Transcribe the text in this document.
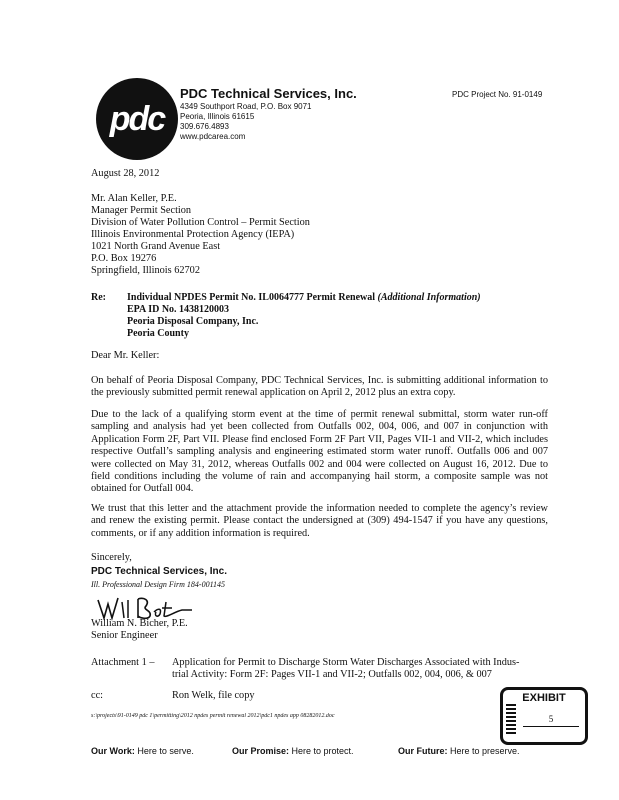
pdc
PDC Technical Services, Inc.
4349 Southport Road, P.O. Box 9071
Peoria, Illinois 61615
309.676.4893
www.pdcarea.com
PDC Project No. 91-0149
August 28, 2012
Mr. Alan Keller, P.E.
Manager Permit Section
Division of Water Pollution Control – Permit Section
Illinois Environmental Protection Agency (IEPA)
1021 North Grand Avenue East
P.O. Box 19276
Springfield, Illinois 62702
Re: Individual NPDES Permit No. IL0064777 Permit Renewal (Additional Information)
EPA ID No. 1438120003
Peoria Disposal Company, Inc.
Peoria County
Dear Mr. Keller:
On behalf of Peoria Disposal Company, PDC Technical Services, Inc. is submitting additional information to the previously submitted permit renewal application on April 2, 2012 plus an extra copy.
Due to the lack of a qualifying storm event at the time of permit renewal submittal, storm water run-off sampling and analysis had yet been collected from Outfalls 002, 004, 006, and 007 in conjunction with Application Form 2F, Part VII. Please find enclosed Form 2F Part VII, Pages VII-1 and VII-2, which includes respective Outfall’s sampling analysis and engineering estimated storm water runoff. Outfalls 006 and 007 were collected on May 31, 2012, whereas Outfalls 002 and 004 were collected on August 16, 2012. Due to field conditions including the volume of rain and accompanying hail storm, a composite sample was not obtained for Outfall 004.
We trust that this letter and the attachment provide the information needed to complete the agency’s review and renew the existing permit. Please contact the undersigned at (309) 494-1547 if you have any questions, comments, or if any addition information is required.
Sincerely,
PDC Technical Services, Inc.
Ill. Professional Design Firm 184-001145
William N. Bicher, P.E.
Senior Engineer
Attachment 1 – Application for Permit to Discharge Storm Water Discharges Associated with Indus-
trial Activity: Form 2F: Pages VII-1 and VII-2; Outfalls 002, 004, 006, & 007
cc:	Ron Welk, file copy
s:\projects\91-0149 pdc 1\permitting\2012 npdes permit renewal 2012\pdc1 npdes app 08282012.doc
EXHIBIT
5
Our Work: Here to serve.	Our Promise: Here to protect.	Our Future: Here to preserve.
